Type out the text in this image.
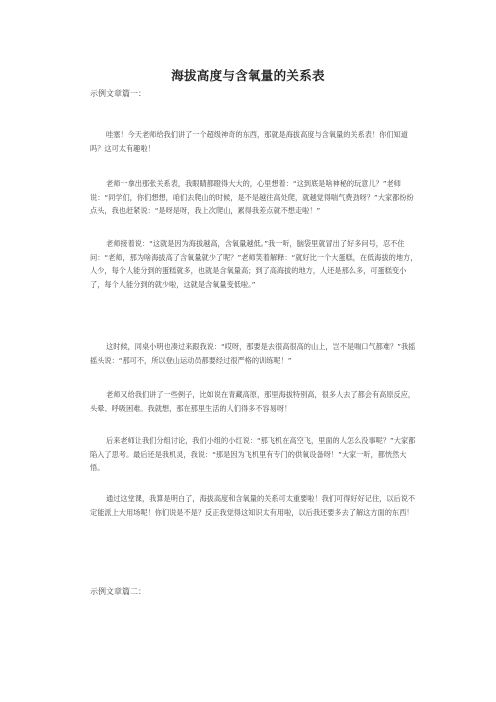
海拔高度与含氧量的关系表
示例文章篇一：

哇塞！今天老师给我们讲了一个超级神奇的东西，那就是海拔高度与含氧量的关系表！你们知道吗？这可太有趣啦！

老师一拿出那张关系表，我眼睛都瞪得大大的，心里想着：“这到底是啥神秘的玩意儿？”老师说：“同学们，你们想想，咱们去爬山的时候，是不是越往高处爬，就越觉得喘气费劲呀？”大家都纷纷点头，我也赶紧说：“是呀是呀，我上次爬山，累得我差点就不想走啦！”

老师接着说：“这就是因为海拔越高，含氧量越低。”我一听，脑袋里就冒出了好多问号，忍不住问：“老师，那为啥海拔高了含氧量就少了呢？”老师笑着解释：“就好比一个大蛋糕，在低海拔的地方，人少，每个人能分到的蛋糕就多，也就是含氧量高；到了高海拔的地方，人还是那么多，可蛋糕变小了，每个人能分到的就少啦，这就是含氧量变低啦。”

这时候，同桌小明也凑过来跟我说：“哎呀，那要是去很高很高的山上，岂不是喘口气都难？”我摇摇头说：“那可不，所以登山运动员都要经过很严格的训练呢！”

老师又给我们讲了一些例子，比如说在青藏高原，那里海拔特别高，很多人去了都会有高原反应，头晕、呼吸困难。我就想，那在那里生活的人们得多不容易呀！

后来老师让我们分组讨论，我们小组的小红说：“那飞机在高空飞，里面的人怎么没事呢？”大家都陷入了思考。最后还是我机灵，我说：“那是因为飞机里有专门的供氧设备呀！”大家一听，都恍然大悟。

通过这堂课，我算是明白了，海拔高度和含氧量的关系可太重要啦！我们可得好好记住，以后说不定能派上大用场呢！你们说是不是？反正我觉得这知识太有用啦，以后我还要多去了解这方面的东西！

示例文章篇二：
